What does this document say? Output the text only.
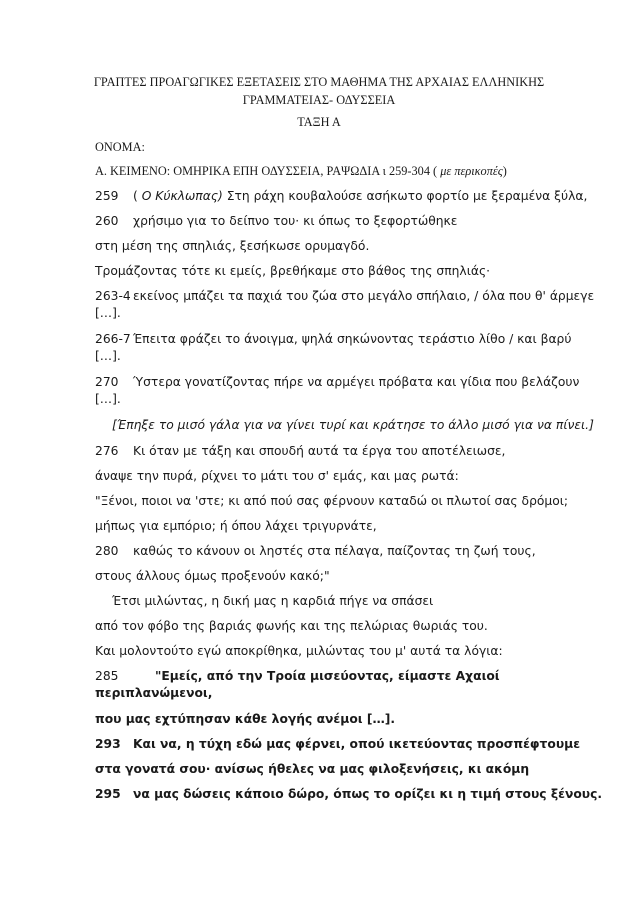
ΓΡΑΠΤΕΣ ΠΡΟΑΓΩΓΙΚΕΣ ΕΞΕΤΑΣΕΙΣ ΣΤΟ ΜΑΘΗΜΑ ΤΗΣ ΑΡΧΑΙΑΣ ΕΛΛΗΝΙΚΗΣ
ΓΡΑΜΜΑΤΕΙΑΣ- ΟΔΥΣΣΕΙΑ
ΤΑΞΗ Α
ΟΝΟΜΑ:
Α. ΚΕΙΜΕΝΟ: ΟΜΗΡΙΚΑ ΕΠΗ ΟΔΥΣΣΕΙΑ, ΡΑΨΩΔΙΑ ι 259-304 ( με περικοπές)
259 ( Ο Κύκλωπας) Στη ράχη κουβαλούσε ασήκωτο φορτίο με ξεραμένα ξύλα,
260 χρήσιμο για το δείπνο του· κι όπως το ξεφορτώθηκε
στη μέση της σπηλιάς, ξεσήκωσε ορυμαγδό.
Τρομάζοντας τότε κι εμείς, βρεθήκαμε στο βάθος της σπηλιάς·
263-4 εκείνος μπάζει τα παχιά του ζώα στο μεγάλο σπήλαιο, / όλα που θ' άρμεγε […].
266-7 Έπειτα φράζει το άνοιγμα, ψηλά σηκώνοντας τεράστιο λίθο / και βαρύ […].
270 Ύστερα γονατίζοντας πήρε να αρμέγει πρόβατα και γίδια που βελάζουν […].
[Έπηξε το μισό γάλα για να γίνει τυρί και κράτησε το άλλο μισό για να πίνει.]
276 Κι όταν με τάξη και σπουδή αυτά τα έργα του αποτέλειωσε,
άναψε την πυρά, ρίχνει το μάτι του σ' εμάς, και μας ρωτά:
"Ξένοι, ποιοι να 'στε; κι από πού σας φέρνουν καταδώ οι πλωτοί σας δρόμοι;
μήπως για εμπόριο; ή όπου λάχει τριγυρνάτε,
280 καθώς το κάνουν οι ληστές στα πέλαγα, παίζοντας τη ζωή τους,
στους άλλους όμως προξενούν κακό;"
Έτσι μιλώντας, η δική μας η καρδιά πήγε να σπάσει
από τον φόβο της βαριάς φωνής και της πελώριας θωριάς του.
Και μολοντούτο εγώ αποκρίθηκα, μιλώντας του μ' αυτά τα λόγια:
285	"Εμείς, από την Τροία μισεύοντας, είμαστε Αχαιοί περιπλανώμενοι,
που μας εχτύπησαν κάθε λογής ανέμοι […].
293 Και να, η τύχη εδώ μας φέρνει, οπού ικετεύοντας προσπέφτουμε
στα γονατά σου· ανίσως ήθελες να μας φιλοξενήσεις, κι ακόμη
295 να μας δώσεις κάποιο δώρο, όπως το ορίζει κι η τιμή στους ξένους.
